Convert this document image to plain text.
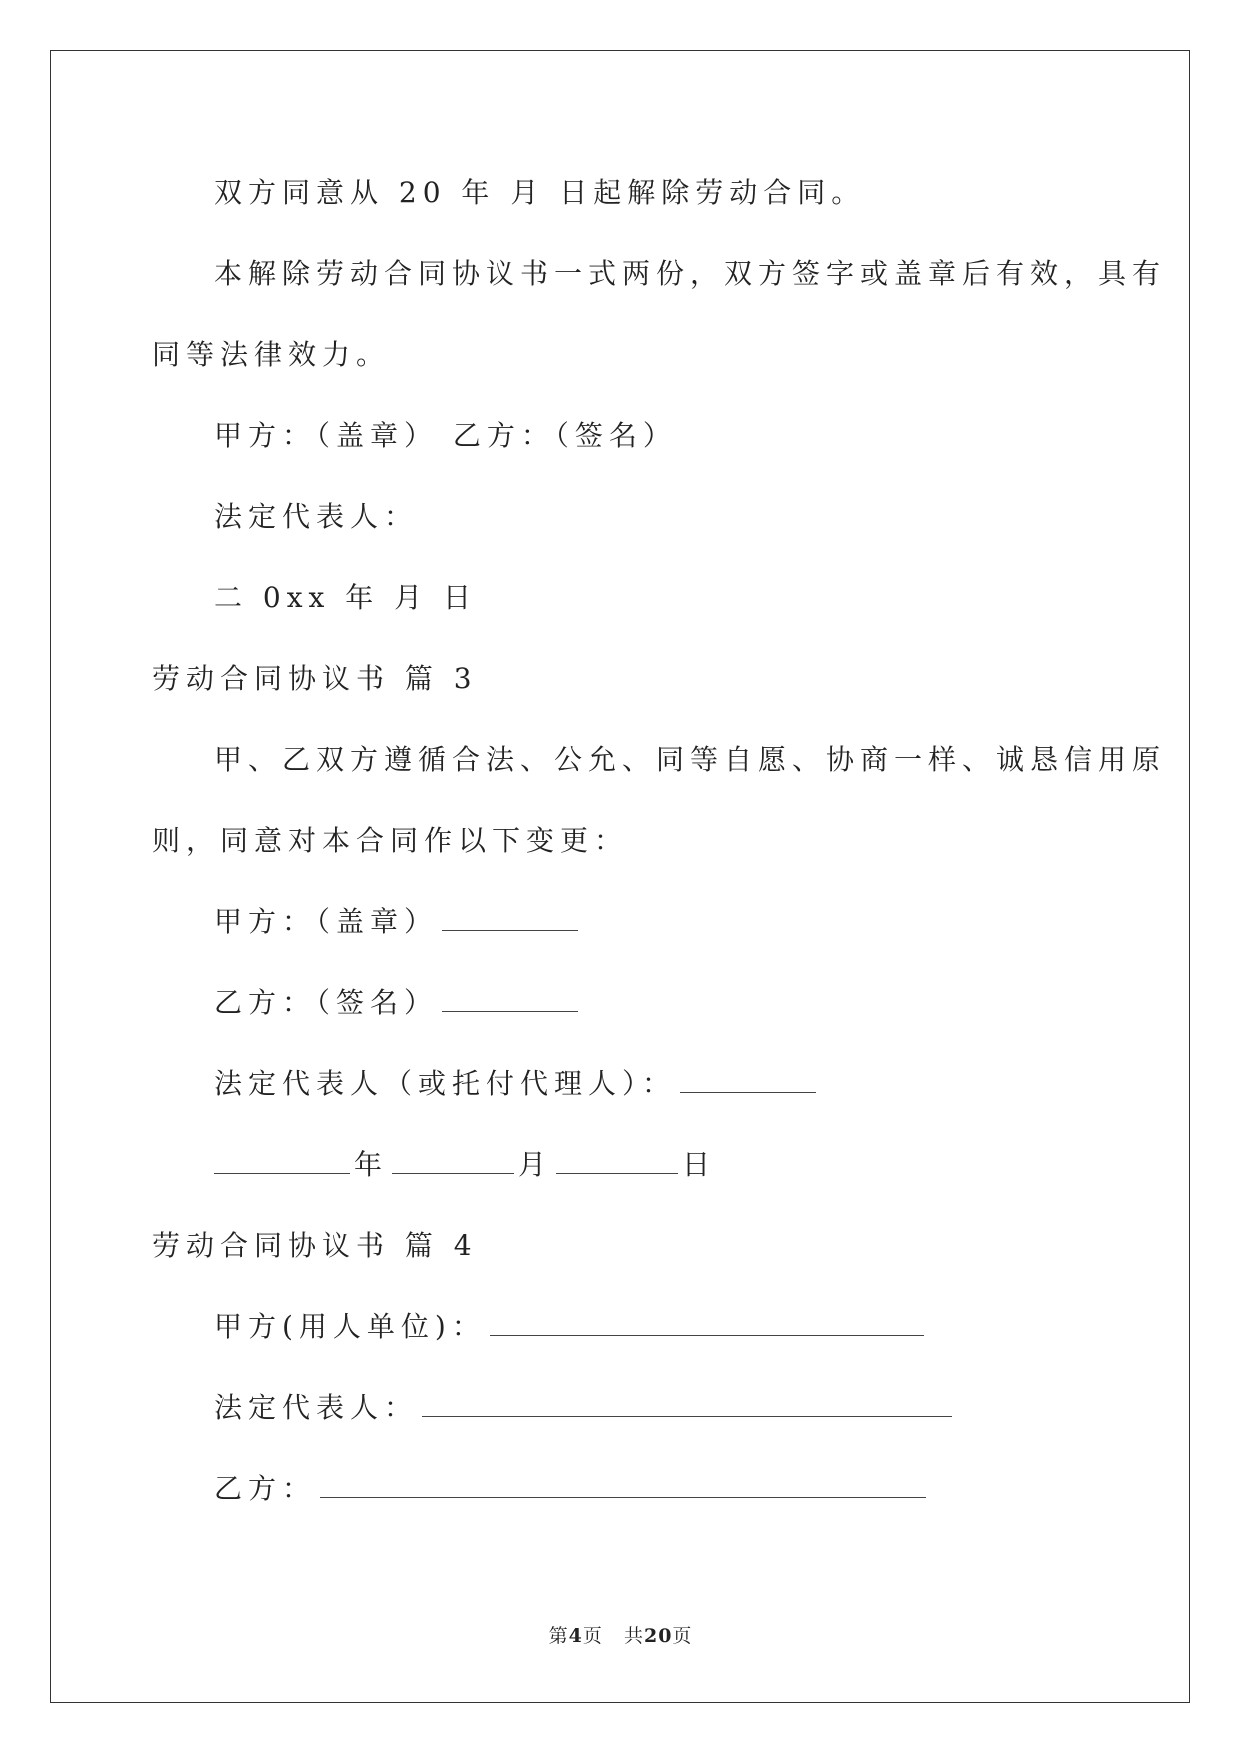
双方同意从 20 年 月 日起解除劳动合同。
本解除劳动合同协议书一式两份，双方签字或盖章后有效，具有
同等法律效力。
甲方：（盖章） 乙方：（签名）
法定代表人：
二 0xx 年 月 日
劳动合同协议书 篇 3
甲、乙双方遵循合法、公允、同等自愿、协商一样、诚恳信用原
则，同意对本合同作以下变更：
甲方：（盖章）
乙方：（签名）
法定代表人（或托付代理人）：
年	月	日
劳动合同协议书 篇 4
甲方(用人单位)：
法定代表人：
乙方：
第4页 共20页
